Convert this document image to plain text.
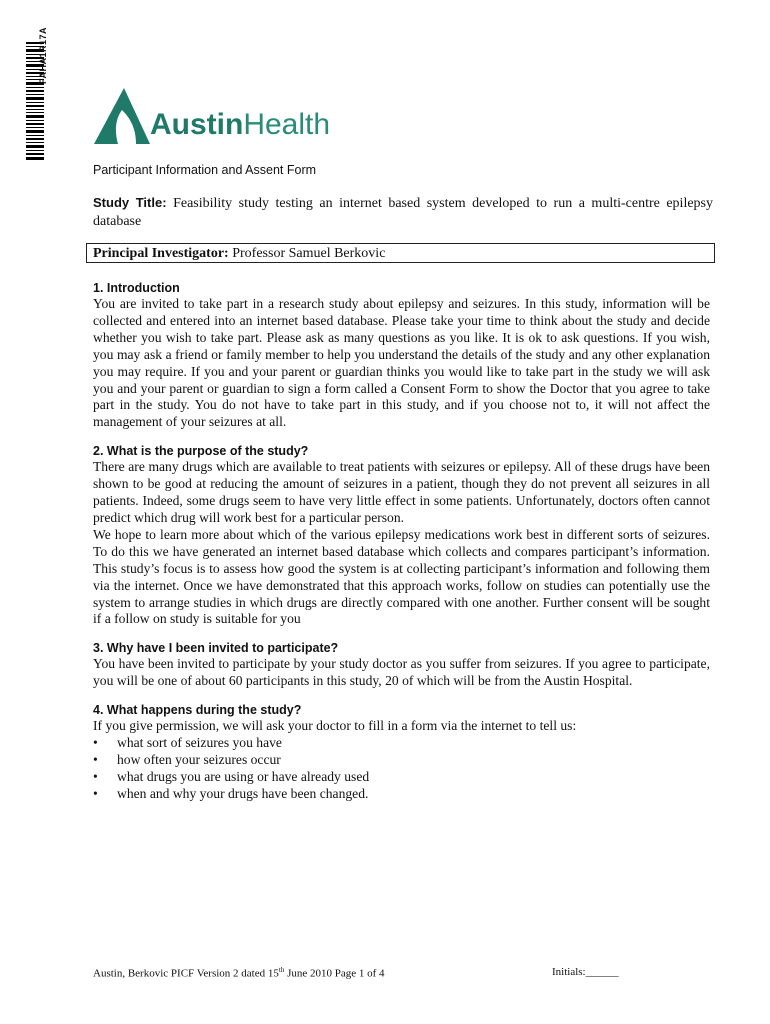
FAHA1R17A
AustinHealth
Participant Information and Assent Form
Study Title: Feasibility study testing an internet based system developed to run a multi-centre epilepsy database
Principal Investigator: Professor Samuel Berkovic
1. Introduction

You are invited to take part in a research study about epilepsy and seizures. In this study, information will be collected and entered into an internet based database. Please take your time to think about the study and decide whether you wish to take part. Please ask as many questions as you like. It is ok to ask questions. If you wish, you may ask a friend or family member to help you understand the details of the study and any other explanation you may require. If you and your parent or guardian thinks you would like to take part in the study we will ask you and your parent or guardian to sign a form called a Consent Form to show the Doctor that you agree to take part in the study. You do not have to take part in this study, and if you choose not to, it will not affect the management of your seizures at all.

2. What is the purpose of the study?

There are many drugs which are available to treat patients with seizures or epilepsy. All of these drugs have been shown to be good at reducing the amount of seizures in a patient, though they do not prevent all seizures in all patients. Indeed, some drugs seem to have very little effect in some patients. Unfortunately, doctors often cannot predict which drug will work best for a particular person.

We hope to learn more about which of the various epilepsy medications work best in different sorts of seizures. To do this we have generated an internet based database which collects and compares participant’s information. This study’s focus is to assess how good the system is at collecting participant’s information and following them via the internet. Once we have demonstrated that this approach works, follow on studies can potentially use the system to arrange studies in which drugs are directly compared with one another. Further consent will be sought if a follow on study is suitable for you

3. Why have I been invited to participate?

You have been invited to participate by your study doctor as you suffer from seizures. If you agree to participate, you will be one of about 60 participants in this study, 20 of which will be from the Austin Hospital.

4. What happens during the study?

If you give permission, we will ask your doctor to fill in a form via the internet to tell us:

• what sort of seizures you have
• how often your seizures occur
• what drugs you are using or have already used
• when and why your drugs have been changed.
Austin, Berkovic PICF Version 2 dated 15th June 2010 Page 1 of 4	Initials:______
